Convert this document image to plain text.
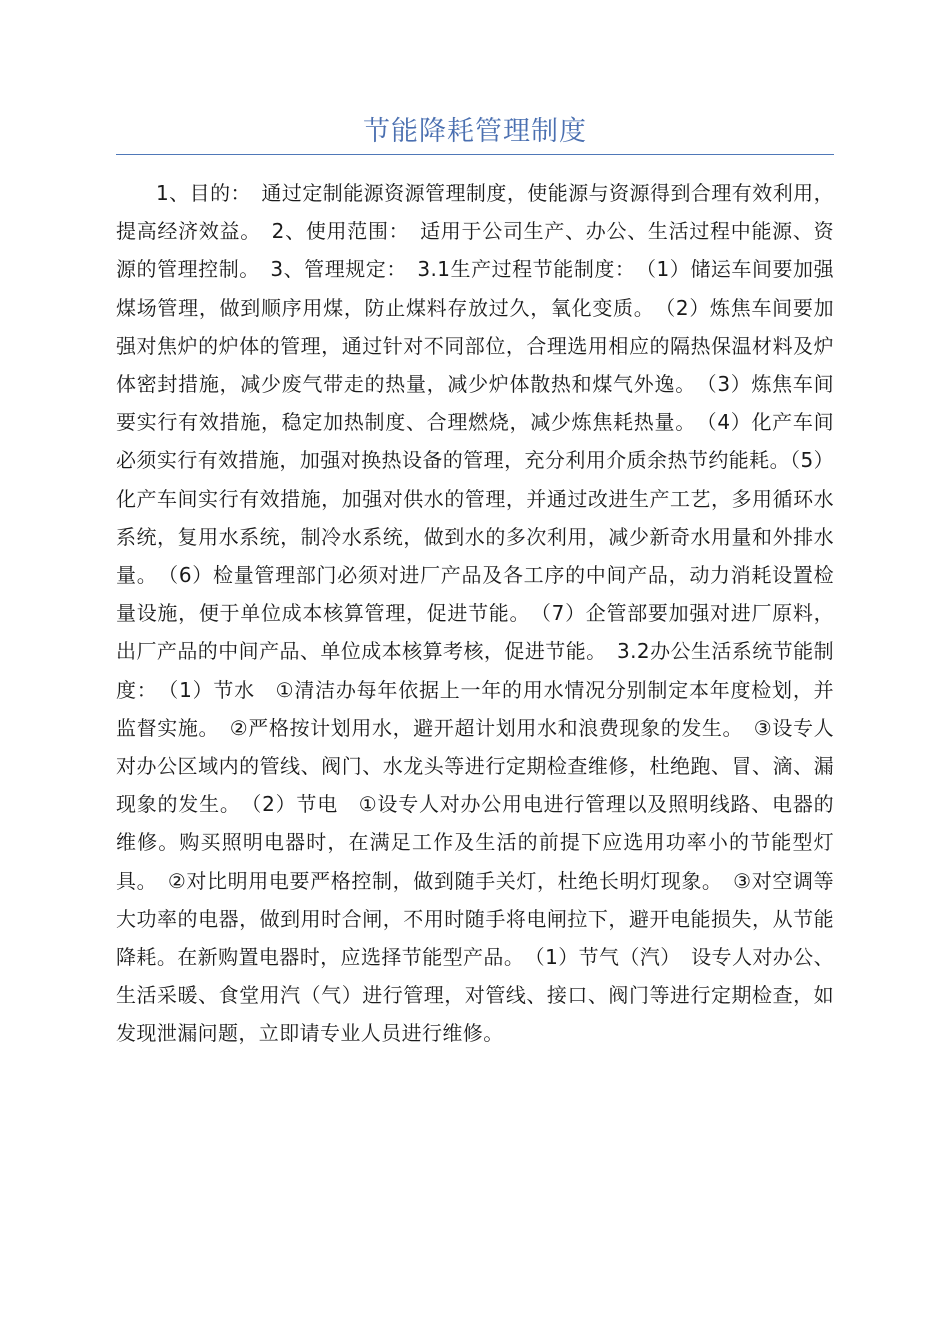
节能降耗管理制度

1、目的：　通过定制能源资源管理制度，使能源与资源得到合理有效利用，提高经济效益。　2、使用范围：　适用于公司生产、办公、生活过程中能源、资源的管理控制。　3、管理规定：　3.1生产过程节能制度：　（1）储运车间要加强煤场管理，做到顺序用煤，防止煤料存放过久，氧化变质。　（2）炼焦车间要加强对焦炉的炉体的管理，通过针对不同部位，合理选用相应的隔热保温材料及炉体密封措施，减少废气带走的热量，减少炉体散热和煤气外逸。　（3）炼焦车间要实行有效措施，稳定加热制度、合理燃烧，减少炼焦耗热量。　（4）化产车间必须实行有效措施，加强对换热设备的管理，充分利用介质余热节约能耗。（5）化产车间实行有效措施，加强对供水的管理，并通过改进生产工艺，多用循环水系统，复用水系统，制冷水系统，做到水的多次利用，减少新奇水用量和外排水量。　（6）检量管理部门必须对进厂产品及各工序的中间产品，动力消耗设置检量设施，便于单位成本核算管理，促进节能。　（7）企管部要加强对进厂原料，出厂产品的中间产品、单位成本核算考核，促进节能。　3.2办公生活系统节能制度：　（1）节水　①清洁办每年依据上一年的用水情况分别制定本年度检划，并监督实施。　②严格按计划用水，避开超计划用水和浪费现象的发生。　③设专人对办公区域内的管线、阀门、水龙头等进行定期检查维修，杜绝跑、冒、滴、漏现象的发生。　（2）节电　①设专人对办公用电进行管理以及照明线路、电器的维修。购买照明电器时，在满足工作及生活的前提下应选用功率小的节能型灯具。　②对比明用电要严格控制，做到随手关灯，杜绝长明灯现象。　③对空调等大功率的电器，做到用时合闸，不用时随手将电闸拉下，避开电能损失，从节能降耗。在新购置电器时，应选择节能型产品。　（1）节气（汽）　设专人对办公、生活采暖、食堂用汽（气）进行管理，对管线、接口、阀门等进行定期检查，如发现泄漏问题，立即请专业人员进行维修。
